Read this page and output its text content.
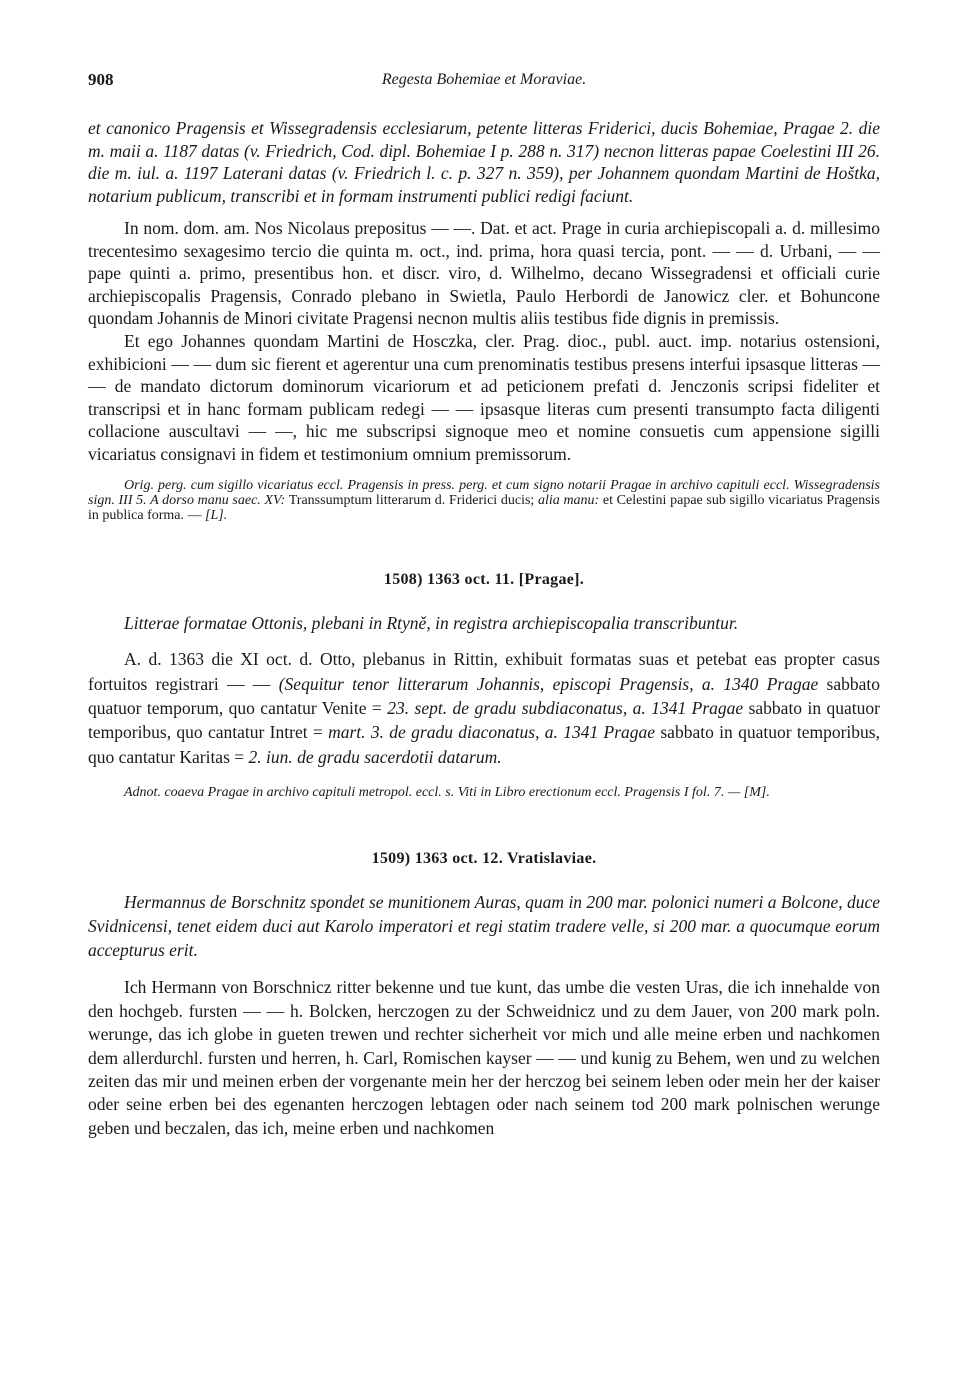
908	Regesta Bohemiae et Moraviae.

et canonico Pragensis et Wissegradensis ecclesiarum, petente litteras Friderici, ducis Bohemiae, Pragae 2. die m. maii a. 1187 datas (v. Friedrich, Cod. dipl. Bohemiae I p. 288 n. 317) necnon litteras papae Coelestini III 26. die m. iul. a. 1197 Laterani datas (v. Friedrich l. c. p. 327 n. 359), per Johannem quondam Martini de Hoštka, notarium publicum, transcribi et in formam instrumenti publici redigi faciunt.

In nom. dom. am. Nos Nicolaus prepositus — —. Dat. et act. Prage in curia archiepiscopali a. d. millesimo trecentesimo sexagesimo tercio die quinta m. oct., ind. prima, hora quasi tercia, pont. — — d. Urbani, — — pape quinti a. primo, presentibus hon. et discr. viro, d. Wilhelmo, decano Wissegradensi et officiali curie archiepiscopalis Pragensis, Conrado plebano in Swietla, Paulo Herbordi de Janowicz cler. et Bohuncone quondam Johannis de Minori civitate Pragensi necnon multis aliis testibus fide dignis in premissis.

Et ego Johannes quondam Martini de Hosczka, cler. Prag. dioc., publ. auct. imp. notarius ostensioni, exhibicioni — — dum sic fierent et agerentur una cum prenominatis testibus presens interfui ipsasque litteras — — de mandato dictorum dominorum vicariorum et ad peticionem prefati d. Jenczonis scripsi fideliter et transcripsi et in hanc formam publicam redegi — — ipsasque literas cum presenti transumpto facta diligenti collacione auscultavi — —, hic me subscripsi signoque meo et nomine consuetis cum appensione sigilli vicariatus consignavi in fidem et testimonium omnium premissorum.

Orig. perg. cum sigillo vicariatus eccl. Pragensis in press. perg. et cum signo notarii Pragae in archivo capituli eccl. Wissegradensis sign. III 5. A dorso manu saec. XV: Transsumptum litterarum d. Friderici ducis; alia manu: et Celestini papae sub sigillo vicariatus Pragensis in publica forma. — [L].

1508) 1363 oct. 11. [Pragae].

Litterae formatae Ottonis, plebani in Rtyně, in registra archiepiscopalia transcribuntur.

A. d. 1363 die XI oct. d. Otto, plebanus in Rittin, exhibuit formatas suas et petebat eas propter casus fortuitos registrari — — (Sequitur tenor litterarum Johannis, episcopi Pragensis, a. 1340 Pragae sabbato quatuor temporum, quo cantatur Venite = 23. sept. de gradu subdiaconatus, a. 1341 Pragae sabbato in quatuor temporibus, quo cantatur Intret = mart. 3. de gradu diaconatus, a. 1341 Pragae sabbato in quatuor temporibus, quo cantatur Karitas = 2. iun. de gradu sacerdotii datarum.

Adnot. coaeva Pragae in archivo capituli metropol. eccl. s. Viti in Libro erectionum eccl. Pragensis I fol. 7. — [M].

1509) 1363 oct. 12. Vratislaviae.

Hermannus de Borschnitz spondet se munitionem Auras, quam in 200 mar. polonici numeri a Bolcone, duce Svidnicensi, tenet eidem duci aut Karolo imperatori et regi statim tradere velle, si 200 mar. a quocumque eorum accepturus erit.

Ich Hermann von Borschnicz ritter bekenne und tue kunt, das umbe die vesten Uras, die ich innehalde von den hochgeb. fursten — — h. Bolcken, herczogen zu der Schweidnicz und zu dem Jauer, von 200 mark poln. werunge, das ich globe in gueten trewen und rechter sicherheit vor mich und alle meine erben und nachkomen dem allerdurchl. fursten und herren, h. Carl, Romischen kayser — — und kunig zu Behem, wen und zu welchen zeiten das mir und meinen erben der vorgenante mein her der herczog bei seinem leben oder mein her der kaiser oder seine erben bei des egenanten herczogen lebtagen oder nach seinem tod 200 mark polnischen werunge geben und beczalen, das ich, meine erben und nachkomen
